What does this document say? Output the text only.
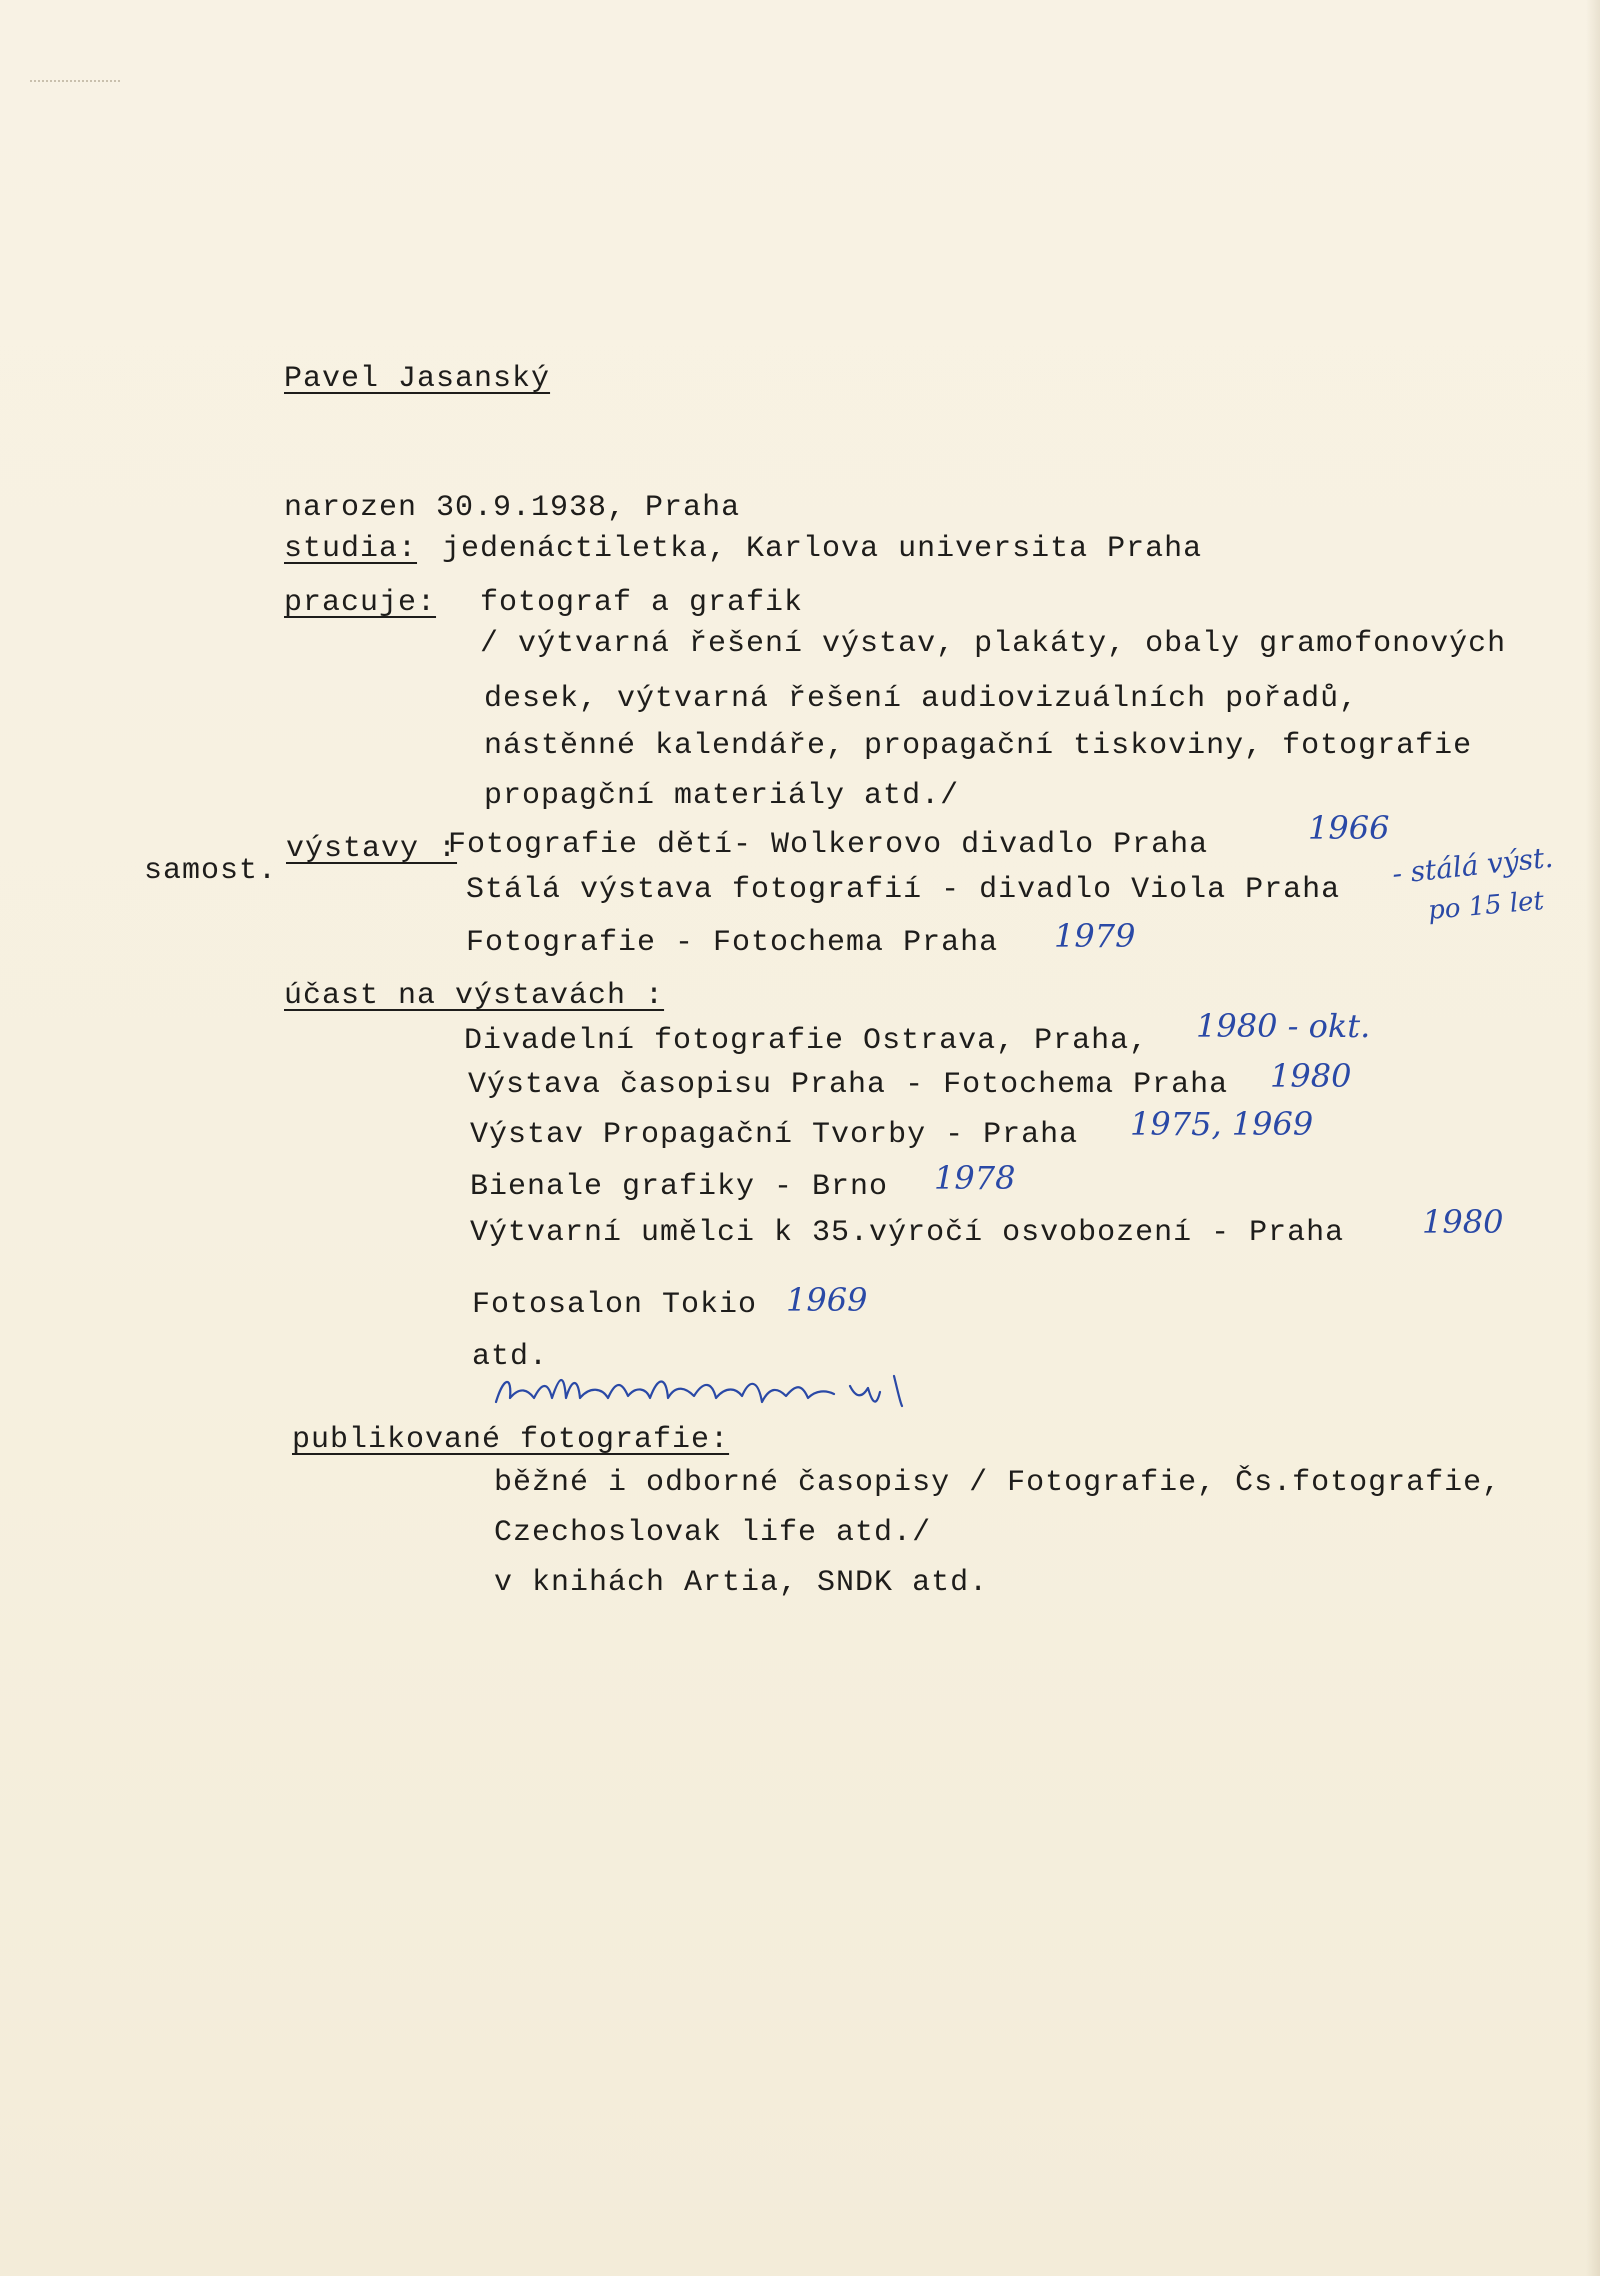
Pavel Jasanský
narozen 30.9.1938, Praha
studia: jedenáctiletka, Karlova universita Praha
pracuje: fotograf a grafik
/ výtvarná řešení výstav, plakáty, obaly gramofonových
desek, výtvarná řešení audiovizuálních pořadů,
nástěnné kalendáře, propagační tiskoviny, fotografie
propagční materiály atd./
samost.
výstavy :
Fotografie dětí- Wolkerovo divadlo Praha
Stálá výstava fotografií - divadlo Viola Praha
Fotografie - Fotochema Praha
účast na výstavách :
Divadelní fotografie Ostrava, Praha,
Výstava časopisu Praha - Fotochema Praha
Výstav Propagační Tvorby - Praha
Bienale grafiky - Brno
Výtvarní umělci k 35.výročí osvobození - Praha
Fotosalon Tokio
atd.
publikované fotografie:
běžné i odborné časopisy / Fotografie, Čs.fotografie,
Czechoslovak life atd./
v knihách Artia, SNDK atd.
1966
- stálá výst.
po 15 let
1979
1980 - okt.
1980
1975, 1969
1978
1980
1969
